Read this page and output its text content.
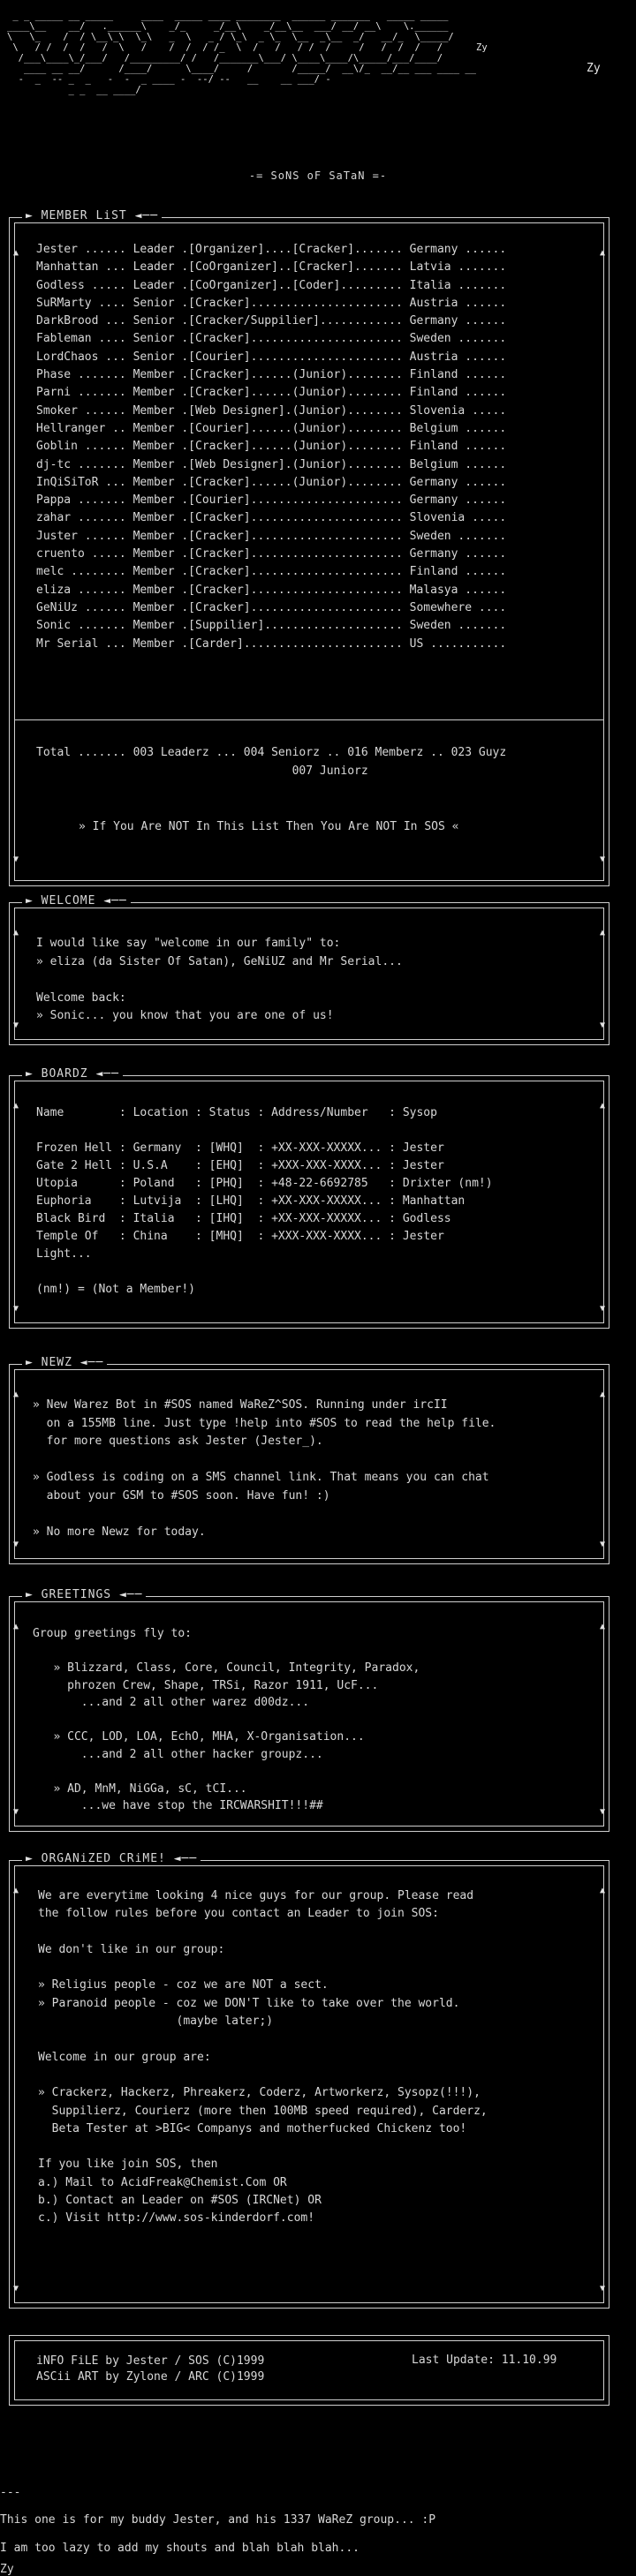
_ _ _____ __ _____     ____  _____ ____ ________  ______ _______   _____ _____
____\__    __/   .______\    _/_     _/__\    _/__\__  ___/ __/ __\    \.______
\   \_    /  / \__\_\  \_\   _  \   _ / \_\  _ \_  \__  _\__  _/   __/_  \_____/
\   / /  /  /   /  \   /    /  /  / /_  \  /   /   / /  /     /   /  /  /   /      Zy
/___\____\_/___/   /_________/ /   /_______\___/ \____\____/\_____/___/____/
____ __ __/      /____/      \____/     /       /_____/  __\/_  __/__ ___ ____ __
-  _  -- _  _   -  -  _ ____ -  --/ --   __    __ ___/ -
_ _  __ ____/
Zy
-= SoNS oF SaTaN =-
► MEMBER LiST ◄──
▲
▼
▲
▼
Jester ...... Leader .[Organizer]....[Cracker]....... Germany ......
Manhattan ... Leader .[CoOrganizer]..[Cracker]....... Latvia .......
Godless ..... Leader .[CoOrganizer]..[Coder]......... Italia .......
SuRMarty .... Senior .[Cracker]...................... Austria ......
DarkBrood ... Senior .[Cracker/Suppilier]............ Germany ......
Fableman .... Senior .[Cracker]...................... Sweden .......
LordChaos ... Senior .[Courier]...................... Austria ......
Phase ....... Member .[Cracker]......(Junior)........ Finland ......
Parni ....... Member .[Cracker]......(Junior)........ Finland ......
Smoker ...... Member .[Web Designer].(Junior)........ Slovenia .....
Hellranger .. Member .[Courier]......(Junior)........ Belgium ......
Goblin ...... Member .[Cracker]......(Junior)........ Finland ......
dj-tc ....... Member .[Web Designer].(Junior)........ Belgium ......
InQiSiToR ... Member .[Cracker]......(Junior)........ Germany ......
Pappa ....... Member .[Courier]...................... Germany ......
zahar ....... Member .[Cracker]...................... Slovenia .....
Juster ...... Member .[Cracker]...................... Sweden .......
cruento ..... Member .[Cracker]...................... Germany ......
melc ........ Member .[Cracker]...................... Finland ......
eliza ....... Member .[Cracker]...................... Malasya ......
GeNiUz ...... Member .[Cracker]...................... Somewhere ....
Sonic ....... Member .[Suppilier].................... Sweden .......
Mr Serial ... Member .[Carder]....................... US ...........
Total ....... 003 Leaderz ... 004 Seniorz .. 016 Memberz .. 023 Guyz
007 Juniorz
» If You Are NOT In This List Then You Are NOT In SOS «
► WELCOME ◄──
▲
▼
▲
▼
I would like say "welcome in our family" to:
» eliza (da Sister Of Satan), GeNiUZ and Mr Serial...

Welcome back:
» Sonic... you know that you are one of us!
► BOARDZ ◄──
▲
▼
▲
▼
Name        : Location : Status : Address/Number   : Sysop

Frozen Hell : Germany  : [WHQ]  : +XX-XXX-XXXXX... : Jester
Gate 2 Hell : U.S.A    : [EHQ]  : +XXX-XXX-XXXX... : Jester
Utopia      : Poland   : [PHQ]  : +48-22-6692785   : Drixter (nm!)
Euphoria    : Lutvija  : [LHQ]  : +XX-XXX-XXXXX... : Manhattan
Black Bird  : Italia   : [IHQ]  : +XX-XXX-XXXXX... : Godless
Temple Of   : China    : [MHQ]  : +XXX-XXX-XXXX... : Jester
Light...

(nm!) = (Not a Member!)
► NEWZ ◄──
▲
▼
▲
▼
» New Warez Bot in #SOS named WaReZ^SOS. Running under ircII
on a 155MB line. Just type !help into #SOS to read the help file.
for more questions ask Jester (Jester_).

» Godless is coding on a SMS channel link. That means you can chat
about your GSM to #SOS soon. Have fun! :)

» No more Newz for today.
► GREETINGS ◄──
▲
▼
▲
▼
Group greetings fly to:

» Blizzard, Class, Core, Council, Integrity, Paradox,
phrozen Crew, Shape, TRSi, Razor 1911, UcF...
...and 2 all other warez d00dz...

» CCC, LOD, LOA, EchO, MHA, X-Organisation...
...and 2 all other hacker groupz...

» AD, MnM, NiGGa, sC, tCI...
...we have stop the IRCWARSHIT!!!##
► ORGANiZED CRiME! ◄──
▲
▼
▲
▼
We are everytime looking 4 nice guys for our group. Please read
the follow rules before you contact an Leader to join SOS:

We don't like in our group:

» Religius people - coz we are NOT a sect.
» Paranoid people - coz we DON'T like to take over the world.
(maybe later;)

Welcome in our group are:

» Crackerz, Hackerz, Phreakerz, Coderz, Artworkerz, Sysopz(!!!),
Suppilierz, Courierz (more then 100MB speed required), Carderz,
Beta Tester at >BIG< Companys and motherfucked Chickenz too!

If you like join SOS, then
a.) Mail to AcidFreak@Chemist.Com OR
b.) Contact an Leader on #SOS (IRCNet) OR
c.) Visit http://www.sos-kinderdorf.com!
iNFO FiLE by Jester / SOS (C)1999
ASCii ART by Zylone / ARC (C)1999
Last Update: 11.10.99
---
This one is for my buddy Jester, and his 1337 WaReZ group... :P
I am too lazy to add my shouts and blah blah blah...
Zy
